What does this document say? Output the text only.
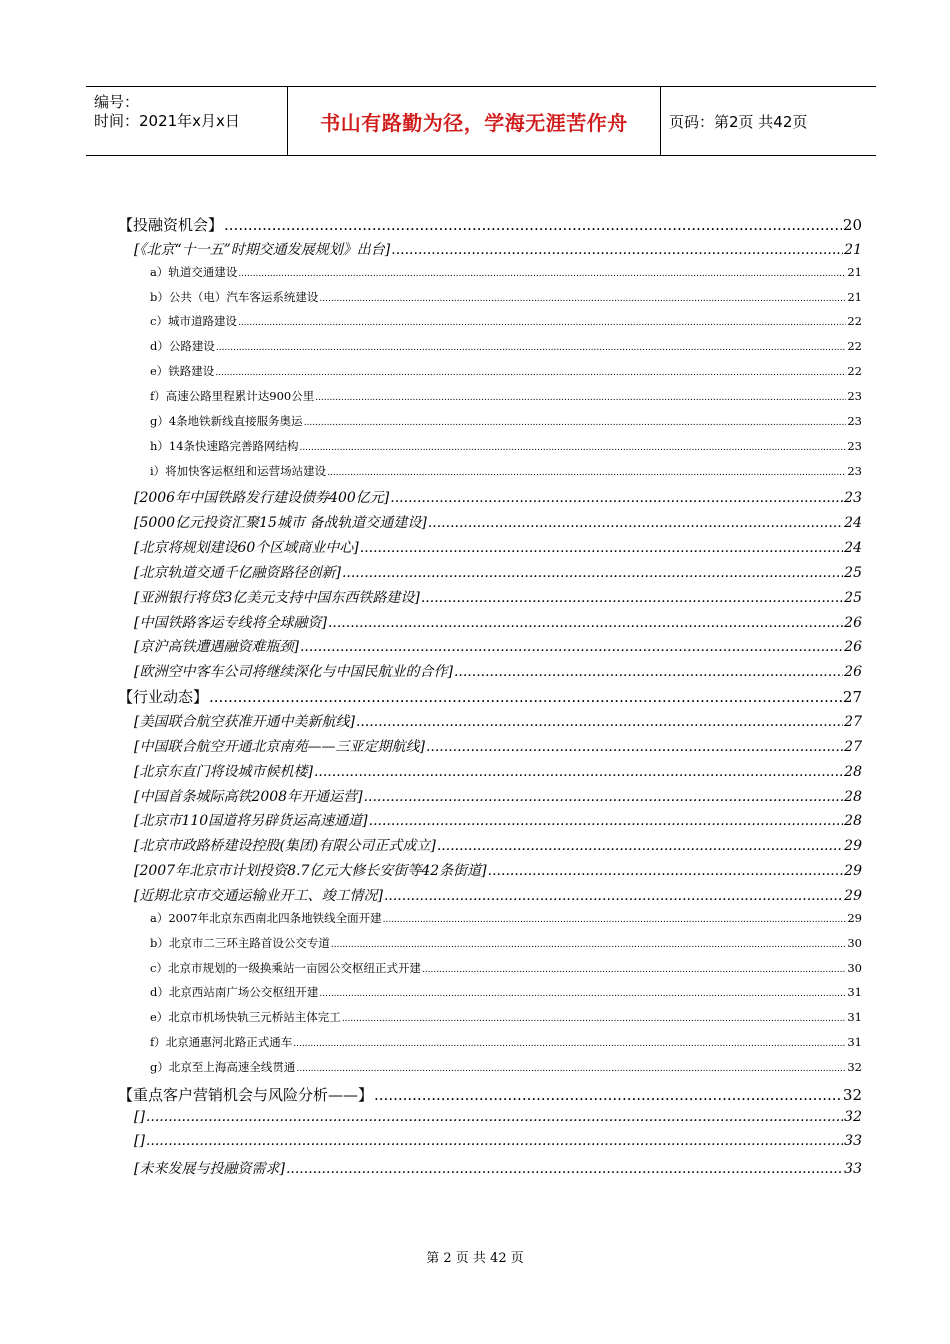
编号：
时间：2021年x月x日	书山有路勤为径，学海无涯苦作舟	页码：第2页 共42页
【投融资机会】 .....	20
[《北京“十一五”时期交通发展规划》出台] .....	21
a）轨道交通建设 .....	21
b）公共（电）汽车客运系统建设 .....	21
c）城市道路建设 .....	22
d）公路建设 .....	22
e）铁路建设 .....	22
f）高速公路里程累计达900公里 .....	23
g）4条地铁新线直接服务奥运 .....	23
h）14条快速路完善路网结构 .....	23
i）将加快客运枢纽和运营场站建设 .....	23
[2006年中国铁路发行建设债券400亿元] .....	23
[5000亿元投资汇聚15城市 备战轨道交通建设] .....	24
[北京将规划建设60个区域商业中心] .....	24
[北京轨道交通千亿融资路径创新] .....	25
[亚洲银行将贷3亿美元支持中国东西铁路建设] .....	25
[中国铁路客运专线将全球融资] .....	26
[京沪高铁遭遇融资难瓶颈] .....	26
[欧洲空中客车公司将继续深化与中国民航业的合作] .....	26
【行业动态】 .....	27
[美国联合航空获准开通中美新航线] .....	27
[中国联合航空开通北京南苑——三亚定期航线] .....	27
[北京东直门将设城市候机楼] .....	28
[中国首条城际高铁2008年开通运营] .....	28
[北京市110国道将另辟货运高速通道] .....	28
[北京市政路桥建设控股(集团)有限公司正式成立] .....	29
[2007年北京市计划投资8.7亿元大修长安街等42条街道] .....	29
[近期北京市交通运输业开工、竣工情况] .....	29
a）2007年北京东西南北四条地铁线全面开建 .....	29
b）北京市二三环主路首设公交专道 .....	30
c）北京市规划的一级换乘站一亩园公交枢纽正式开建 .....	30
d）北京西站南广场公交枢纽开建 .....	31
e）北京市机场快轨三元桥站主体完工 .....	31
f）北京通惠河北路正式通车 .....	31
g）北京至上海高速全线贯通 .....	32
【重点客户营销机会与风险分析——】 .....	32
[] .....	32
[] .....	33
[未来发展与投融资需求] .....	33
第 2 页 共 42 页
